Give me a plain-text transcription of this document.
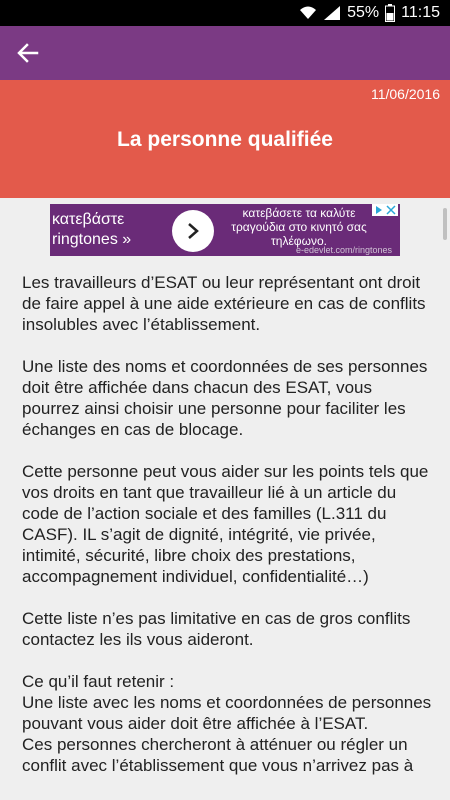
55% 11:15
11/06/2016
La personne qualifiée
κατεβάστε ringtones »
κατεβάσετε τα καλύτε τραγούδια στο κινητό σας τηλέφωνο.
e-edevlet.com/ringtones

Les travailleurs d’ESAT ou leur représentant ont droit de faire appel à une aide extérieure en cas de conflits insolubles avec l’établissement.

Une liste des noms et coordonnées de ses personnes doit être affichée dans chacun des ESAT, vous pourrez ainsi choisir une personne pour faciliter les échanges en cas de blocage.

Cette personne peut vous aider sur les points tels que vos droits en tant que travailleur lié à un article du code de l’action sociale et des familles (L.311 du CASF). IL s’agit de dignité, intégrité, vie privée, intimité, sécurité, libre choix des prestations, accompagnement individuel, confidentialité…)

Cette liste n’es pas limitative en cas de gros conflits contactez les ils vous aideront.

Ce qu’il faut retenir :
Une liste avec les noms et coordonnées de personnes pouvant vous aider doit être affichée à l’ESAT.
Ces personnes chercheront à atténuer ou régler un conflit avec l’établissement que vous n’arrivez pas à
